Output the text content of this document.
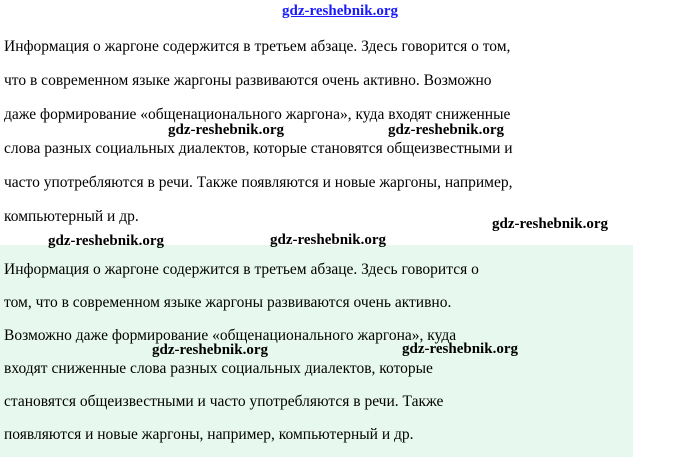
gdz-reshebnik.org

Информация о жаргоне содержится в третьем абзаце. Здесь говорится о том,

что в современном языке жаргоны развиваются очень активно. Возможно

даже формирование «общенационального жаргона», куда входят сниженные

слова разных социальных диалектов, которые становятся общеизвестными и

часто употребляются в речи. Также появляются и новые жаргоны, например,

компьютерный и др.

Информация о жаргоне содержится в третьем абзаце. Здесь говорится о

том, что в современном языке жаргоны развиваются очень активно.

Возможно даже формирование «общенационального жаргона», куда

входят сниженные слова разных социальных диалектов, которые

становятся общеизвестными и часто употребляются в речи. Также

появляются и новые жаргоны, например, компьютерный и др.

gdz-reshebnik.org	gdz-reshebnik.org
gdz-reshebnik.org
gdz-reshebnik.org	gdz-reshebnik.org
gdz-reshebnik.org	gdz-reshebnik.org
